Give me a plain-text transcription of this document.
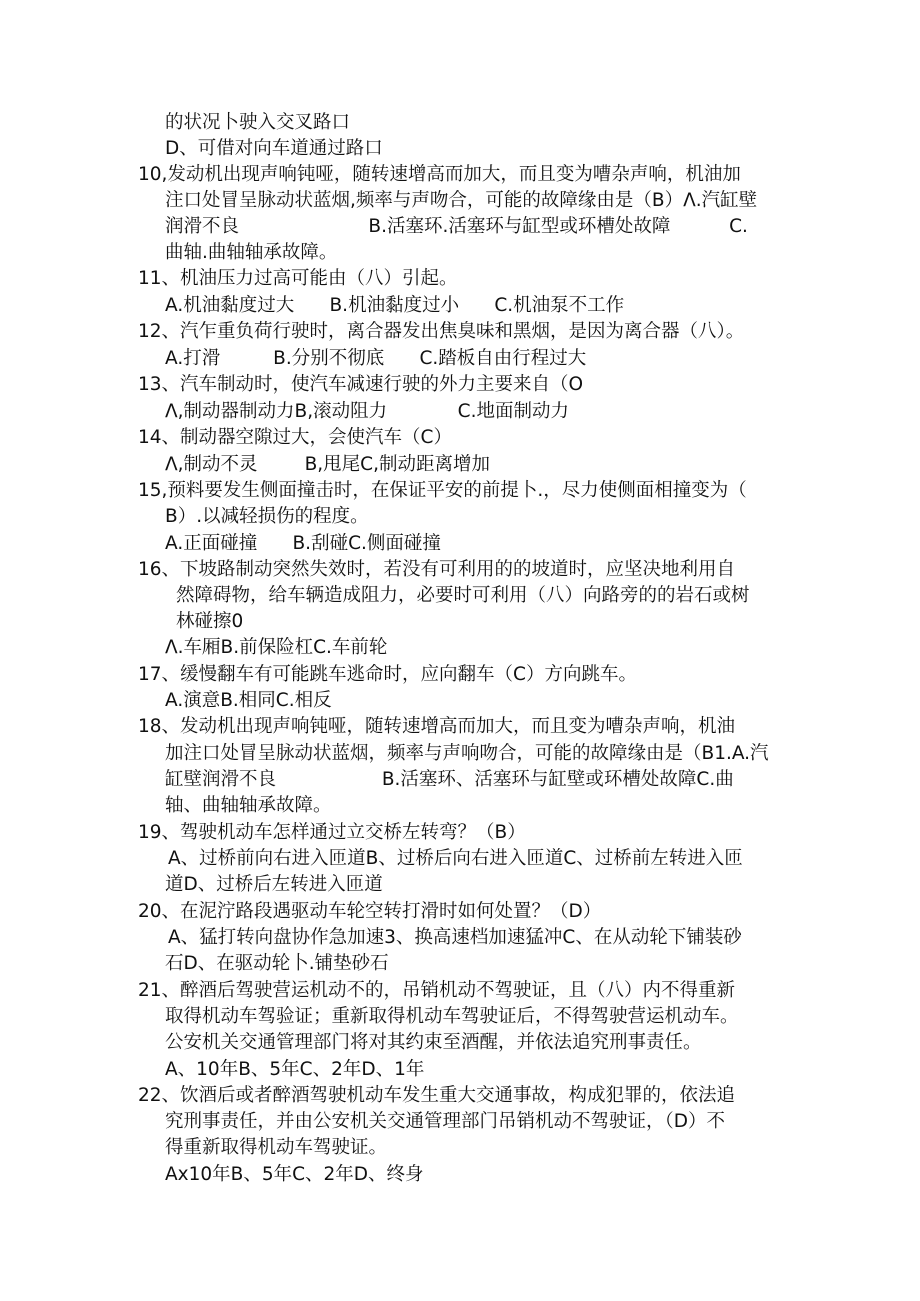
的状况卜驶入交叉路口
D、可借对向车道通过路口
10,发动机出现声响钝哑，随转速增高而加大，而且变为嘈杂声响，机油加
注口处冒呈脉动状蓝烟,频率与声吻合，可能的故障缘由是（B）Λ.汽缸壁
润滑不良                      B.活塞环.活塞环与缸型或环槽处故障          C.
曲轴.曲轴轴承故障。
11、机油压力过高可能由（八）引起。
A.机油黏度过大      B.机油黏度过小      C.机油泵不工作
12、汽乍重负荷行驶时，离合器发出焦臭味和黑烟，是因为离合器（八）。
A.打滑         B.分别不彻底      C.踏板自由行程过大
13、汽车制动时，使汽车减速行驶的外力主要来自（O
Λ,制动器制动力B,滚动阻力            C.地面制动力
14、制动器空隙过大，会使汽车（C）
Λ,制动不灵        B,甩尾C,制动距离增加
15,预料要发生侧面撞击时，在保证平安的前提卜.，尽力使侧面相撞变为（
B）.以减轻损伤的程度。
A.正面碰撞      B.刮碰C.侧面碰撞
16、下坡路制动突然失效时，若没有可利用的的坡道时，应坚决地利用自
然障碍物，给车辆造成阻力，必要时可利用（八）向路旁的的岩石或树
林碰擦0
Λ.车厢B.前保险杠C.车前轮
17、缓慢翻车有可能跳车逃命时，应向翻车（C）方向跳车。
A.演意B.相同C.相反
18、发动机出现声响钝哑，随转速增高而加大，而且变为嘈杂声响，机油
加注口处冒呈脉动状蓝烟，频率与声响吻合，可能的故障缘由是（B1.A.汽
缸壁润滑不良                  B.活塞环、活塞环与缸壁或环槽处故障C.曲
轴、曲轴轴承故障。
19、驾驶机动车怎样通过立交桥左转弯？（B）
A、过桥前向右进入匝道B、过桥后向右进入匝道C、过桥前左转进入匝
道D、过桥后左转进入匝道
20、在泥泞路段遇驱动车轮空转打滑时如何处置？（D）
A、猛打转向盘协作急加速3、换高速档加速猛冲C、在从动轮下铺装砂
石D、在驱动轮卜.铺垫砂石
21、醉酒后驾驶营运机动不的，吊销机动不驾驶证，且（八）内不得重新
取得机动车驾验证；重新取得机动车驾驶证后，不得驾驶营运机动车。
公安机关交通管理部门将对其约束至酒醒，并依法追究刑事责任。
A、10年B、5年C、2年D、1年
22、饮酒后或者醉酒驾驶机动车发生重大交通事故，构成犯罪的，依法追
究刑事责任，并由公安机关交通管理部门吊销机动不驾驶证，（D）不
得重新取得机动车驾驶证。
Ax10年B、5年C、2年D、终身
